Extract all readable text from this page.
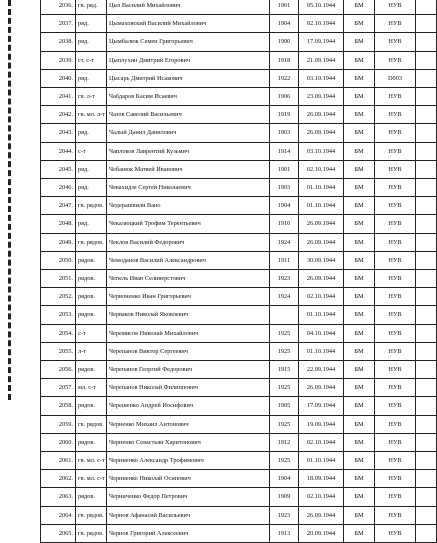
2036.	гв. ряд.	Цыз Василий Михайлович	1901	05.10.1944	БМ	НУВ	
2037.	ряд.	Цымаховский Василий Михайлович	1904	02.10.1944	БМ	НУВ	
2038.	ряд.	Цымбалюк Семен Григорьевич	1900	17.09.1944	БМ	НУВ	
2039.	ст. с-т	Цыплухин Дмитрий Егорович	1918	21.09.1944	БМ	НУВ	
2040.	ряд.	Цысарь Дмитрий Исакович	1922	03.10.1944	БМ	D003	
2041.	гв. л-т	Чабдаров Касим Исаевич	1906	23.09.1944	БМ	НУВ	
2042.	гв. мл. л-т	Чазов Савелий Васильевич	1919	26.09.1944	БМ	НУВ	
2043.	ряд.	Чалый Данил Данилович	1903	26.09.1944	БМ	НУВ	
2044.	с-т	Чаплоков Лаврентий Кузьмич	1914	03.10.1944	БМ	НУВ	
2045.	ряд.	Чебанюк Матвей Иванович	1901	02.10.1944	БМ	НУВ	
2046.	ряд.	Чевахидзе Сергей Николаевич	1903	01.10.1944	БМ	НУВ	
2047.	гв. рядов.	Чедерашвили Вано	1904	01.10.1944	БМ	НУВ	
2048.	ряд.	Чекалюцкий Трофим Терентьевич	1910	26.09.1944	БМ	НУВ	
2049.	гв. рядов.	Чеклов Василий Федорович	1924	26.09.1944	БМ	НУВ	
2050.	рядов.	Чемоданов Василий Александрович	1911	30.09.1944	БМ	НУВ	
2051.	рядов.	Чепель Иван Селиверстович	1923	26.09.1944	БМ	НУВ	
2052.	рядов.	Червоненко Иван Григорьевич	1924	02.10.1944	БМ	НУВ	
2053.	рядов.	Черваков Николай Яковлевич		01.10.1944	БМ	НУВ	
2054.	с-т	Черемисов Николай Михайлович	1925	04.10.1944	БМ	НУВ	
2055.	л-т	Черепанов Виктор Сергеевич	1925	01.10.1944	БМ	НУВ	
2056.	рядов.	Черепанов Георгий Федорович	1915	22.09.1944	БМ	НУВ	
2057.	мл. с-т	Черепанов Николай Филиппович	1925	26.09.1944	БМ	НУВ	
2058.	рядов.	Черешенко Андрей Иосифович	1905	17.09.1944	БМ	НУВ	
2059.	гв. рядов.	Черненко Михаил Антонович	1925	19.09.1944	БМ	НУВ	
2060.	рядов.	Черненко Севастьян Харитонович	1912	02.10.1944	БМ	НУВ	
2061.	гв. мл. с-т	Черниенко Александр Трофимович	1925	01.10.1944	БМ	НУВ	
2062.	гв. мл. с-т	Черниенко Николай Осипович	1904	18.09.1944	БМ	НУВ	
2063.	рядов.	Черниченко Федор Петрович	1909	02.10.1944	БМ	НУВ	
2064.	гв. рядов.	Чернов Афанасий Васильевич	1923	26.09.1944	БМ	НУВ	
2065.	гв. рядов.	Чернов Григорий Алексеевич	1913	20.09.1944	БМ	НУВ	
